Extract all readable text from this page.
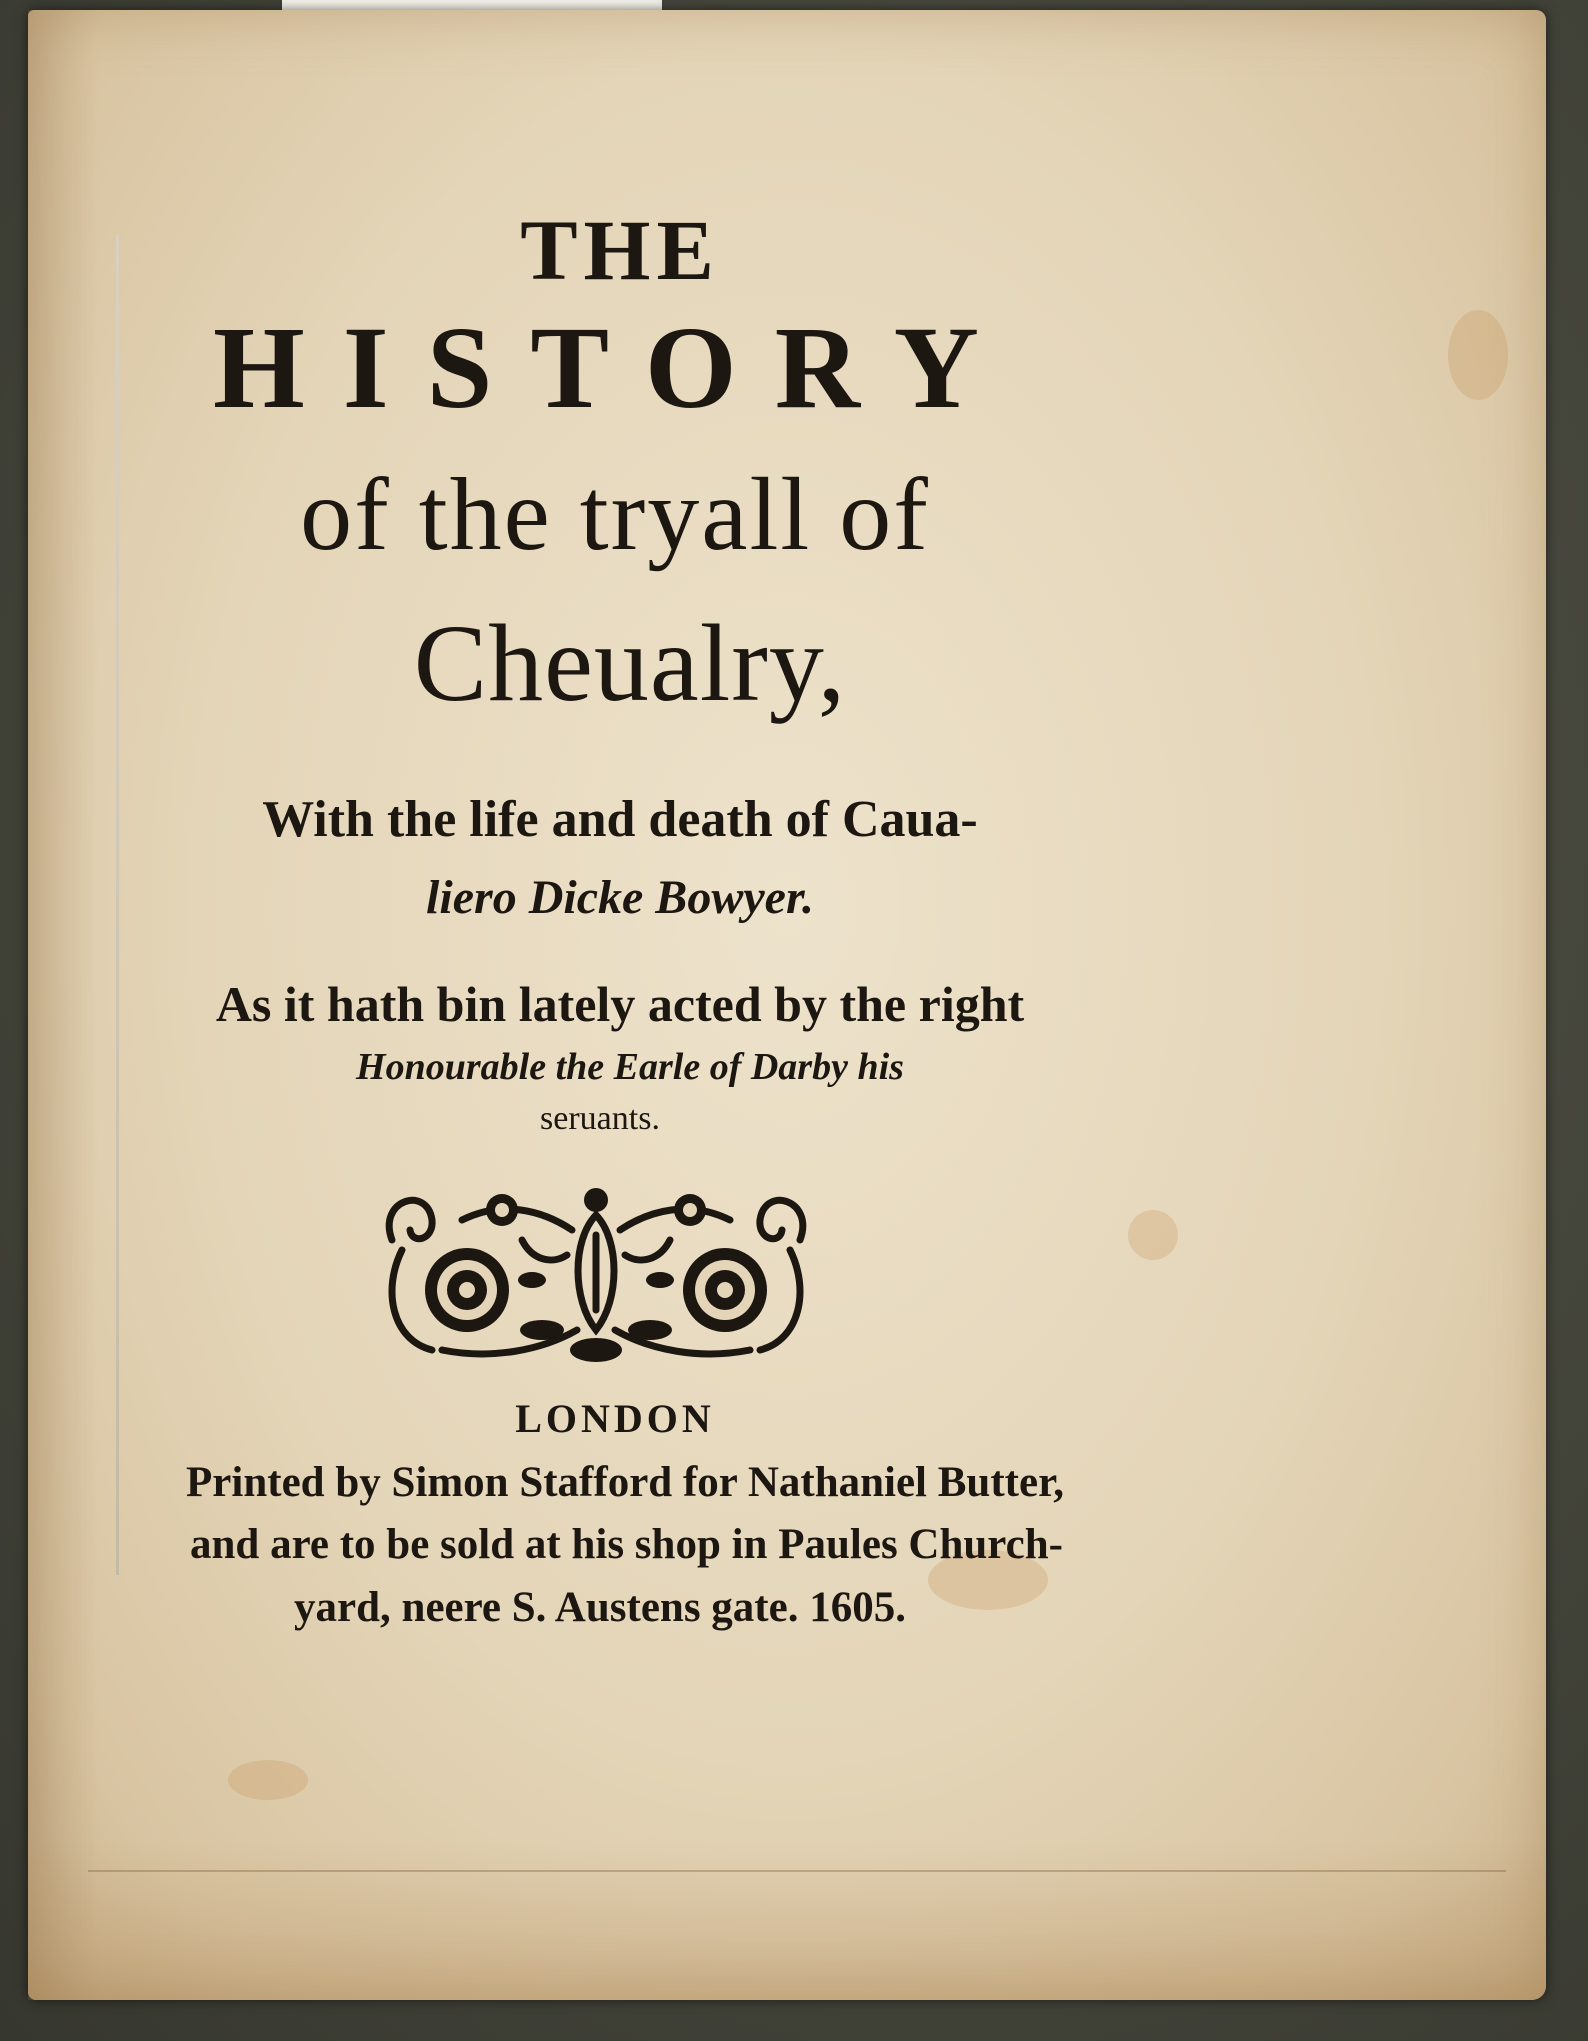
THE
HISTORY
of the tryall of
Cheualry,
With the life and death of Caua-
liero Dicke Bowyer.
As it hath bin lately acted by the right
Honourable the Earle of Darby his
seruants.
LONDON
Printed by Simon Stafford for Nathaniel Butter,
and are to be sold at his shop in Paules Church-
yard, neere S. Austens gate. 1605.
